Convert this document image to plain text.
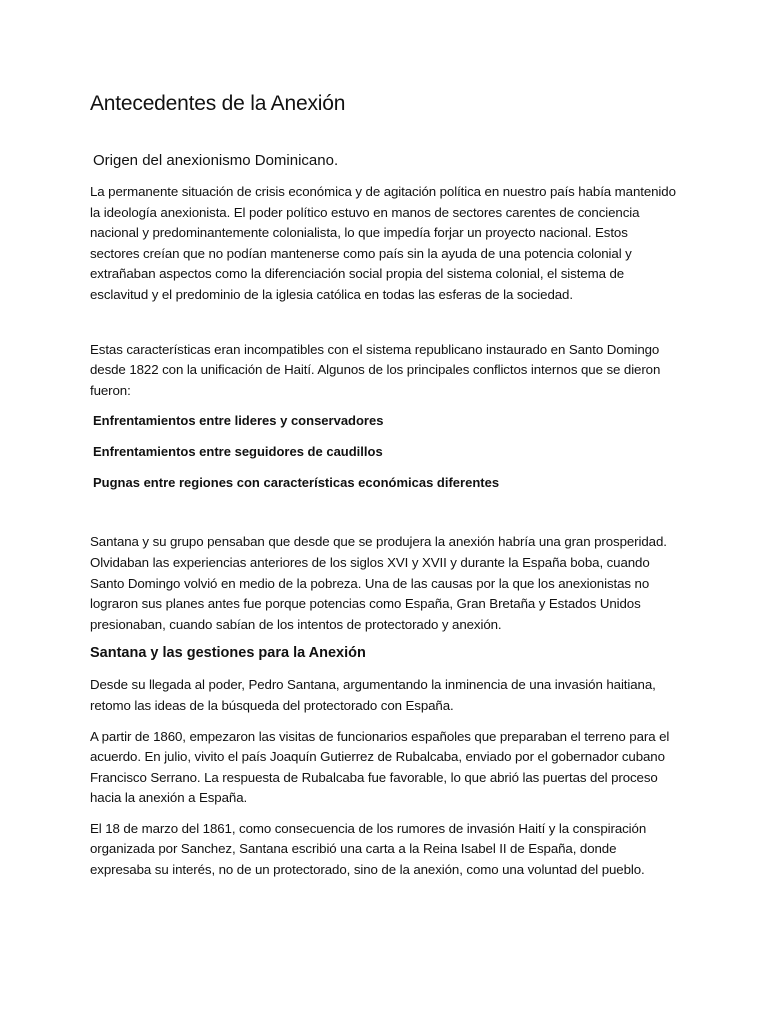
Antecedentes de la Anexión
Origen del anexionismo Dominicano.

La permanente situación de crisis económica y de agitación política en nuestro país había mantenido la ideología anexionista. El poder político estuvo en manos de sectores carentes de conciencia nacional y predominantemente colonialista, lo que impedía forjar un proyecto nacional. Estos sectores creían que no podían mantenerse como país sin la ayuda de una potencia colonial y extrañaban aspectos como la diferenciación social propia del sistema colonial, el sistema de esclavitud y el predominio de la iglesia católica en todas las esferas de la sociedad.

Estas características eran incompatibles con el sistema republicano instaurado en Santo Domingo desde 1822 con la unificación de Haití. Algunos de los principales conflictos internos que se dieron fueron:

Enfrentamientos entre lideres y conservadores
Enfrentamientos entre seguidores de caudillos
Pugnas entre regiones con características económicas diferentes

Santana y su grupo pensaban que desde que se produjera la anexión habría una gran prosperidad. Olvidaban las experiencias anteriores de los siglos XVI y XVII y durante la España boba, cuando Santo Domingo volvió en medio de la pobreza. Una de las causas por la que los anexionistas no lograron sus planes antes fue porque potencias como España, Gran Bretaña y Estados Unidos presionaban, cuando sabían de los intentos de protectorado y anexión.

Santana y las gestiones para la Anexión

Desde su llegada al poder, Pedro Santana, argumentando la inminencia de una invasión haitiana, retomo las ideas de la búsqueda del protectorado con España.

A partir de 1860, empezaron las visitas de funcionarios españoles que preparaban el terreno para el acuerdo. En julio, vivito el país Joaquín Gutierrez de Rubalcaba, enviado por el gobernador cubano Francisco Serrano. La respuesta de Rubalcaba fue favorable, lo que abrió las puertas del proceso hacia la anexión a España.

El 18 de marzo del 1861, como consecuencia de los rumores de invasión Haití y la conspiración organizada por Sanchez, Santana escribió una carta a la Reina Isabel II de España, donde expresaba su interés, no de un protectorado, sino de la anexión, como una voluntad del pueblo.
